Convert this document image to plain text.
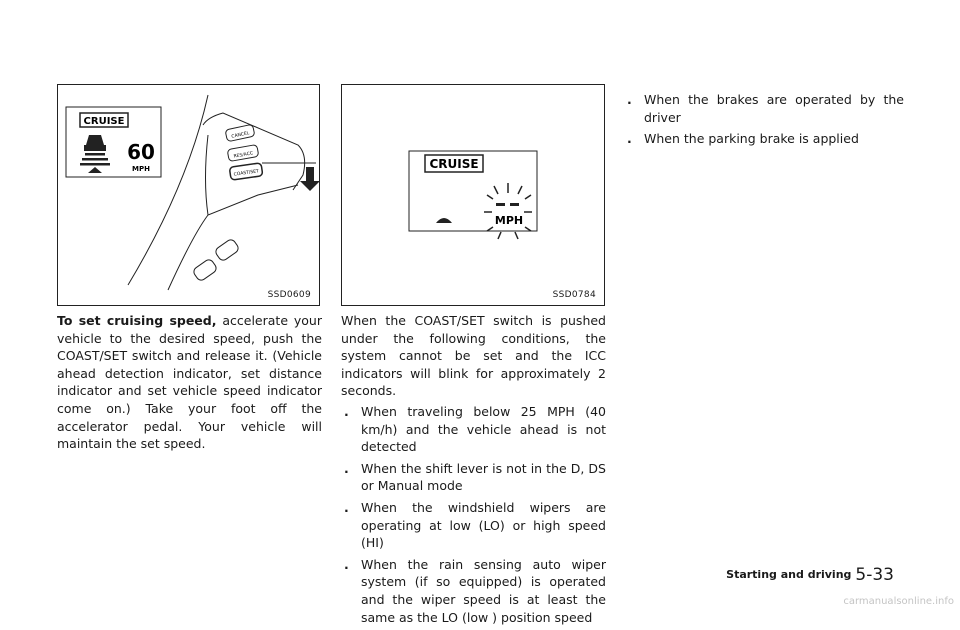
CRUISE
60
MPH
CANCEL
RES/ACC
COAST/SET
SSD0609
CRUISE
MPH
SSD0784

To set cruising speed, accelerate your vehicle to the desired speed, push the COAST/SET switch and release it. (Vehicle ahead detection indicator, set distance indicator and set vehicle speed indicator come on.) Take your foot off the accelerator pedal. Your vehicle will maintain the set speed.

When the COAST/SET switch is pushed under the following conditions, the system cannot be set and the ICC indicators will blink for approximately 2 seconds.

. When traveling below 25 MPH (40 km/h) and the vehicle ahead is not detected
. When the shift lever is not in the D, DS or Manual mode
. When the windshield wipers are operating at low (LO) or high speed (HI)
. When the rain sensing auto wiper system (if so equipped) is operated and the wiper speed is at least the same as the LO (low ) position speed
. When the brakes are operated by the driver
. When the parking brake is applied
Starting and driving 5-33
carmanualsonline.info
